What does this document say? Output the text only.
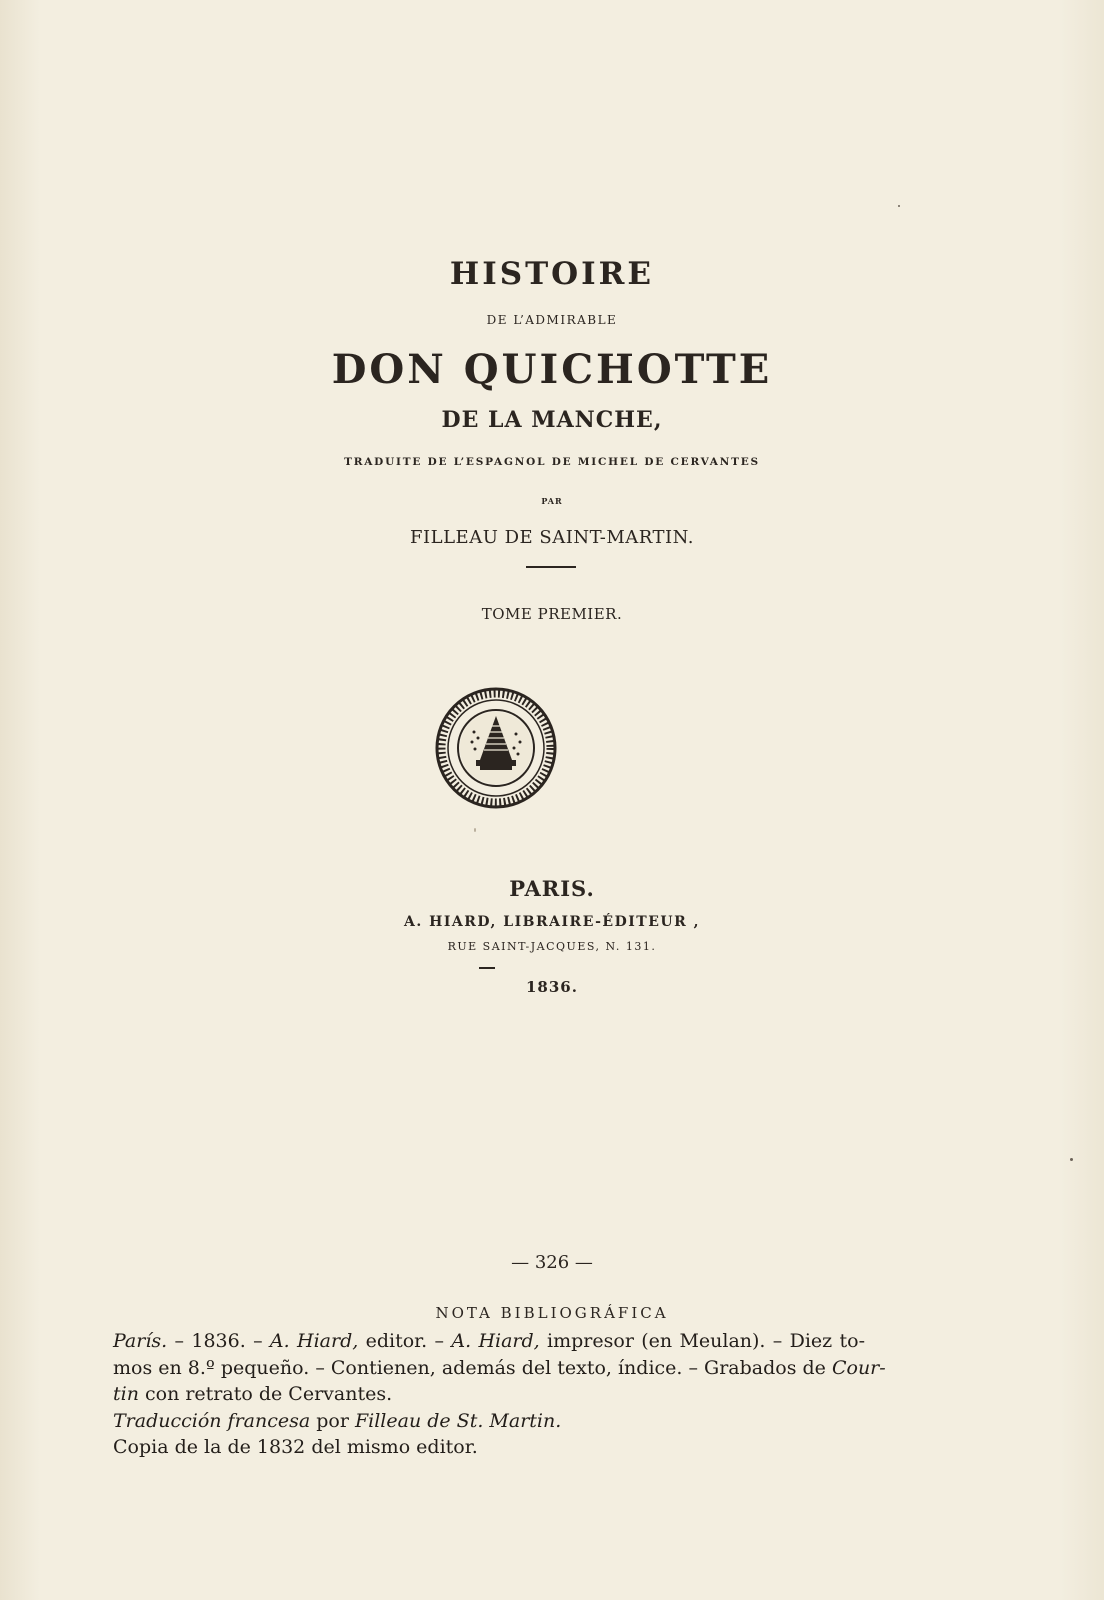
HISTOIRE
DE L’ADMIRABLE
DON QUICHOTTE
DE LA MANCHE,
TRADUITE DE L’ESPAGNOL DE MICHEL DE CERVANTES
PAR
FILLEAU DE SAINT-MARTIN.
TOME PREMIER.
PARIS.
A. HIARD, LIBRAIRE-ÉDITEUR ,
RUE SAINT-JACQUES, N. 131.
1836.
— 326 —
NOTA BIBLIOGRÁFICA
París. – 1836. – A. Hiard, editor. – A. Hiard, impresor (en Meulan). – Diez to-
mos en 8.º pequeño. – Contienen, además del texto, índice. – Grabados de Cour-
tin con retrato de Cervantes.
Traducción francesa por Filleau de St. Martin.
Copia de la de 1832 del mismo editor.
